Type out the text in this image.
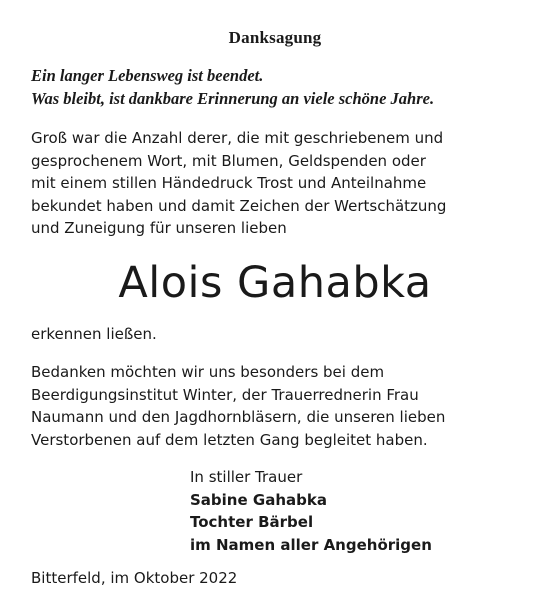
Danksagung
Ein langer Lebensweg ist beendet.
Was bleibt, ist dankbare Erinnerung an viele schöne Jahre.
Groß war die Anzahl derer, die mit geschriebenem und
gesprochenem Wort, mit Blumen, Geldspenden oder
mit einem stillen Händedruck Trost und Anteilnahme
bekundet haben und damit Zeichen der Wertschätzung
und Zuneigung für unseren lieben
Alois Gahabka
erkennen ließen.
Bedanken möchten wir uns besonders bei dem
Beerdigungsinstitut Winter, der Trauerrednerin Frau
Naumann und den Jagdhornbläsern, die unseren lieben
Verstorbenen auf dem letzten Gang begleitet haben.
In stiller Trauer
Sabine Gahabka
Tochter Bärbel
im Namen aller Angehörigen
Bitterfeld, im Oktober 2022
